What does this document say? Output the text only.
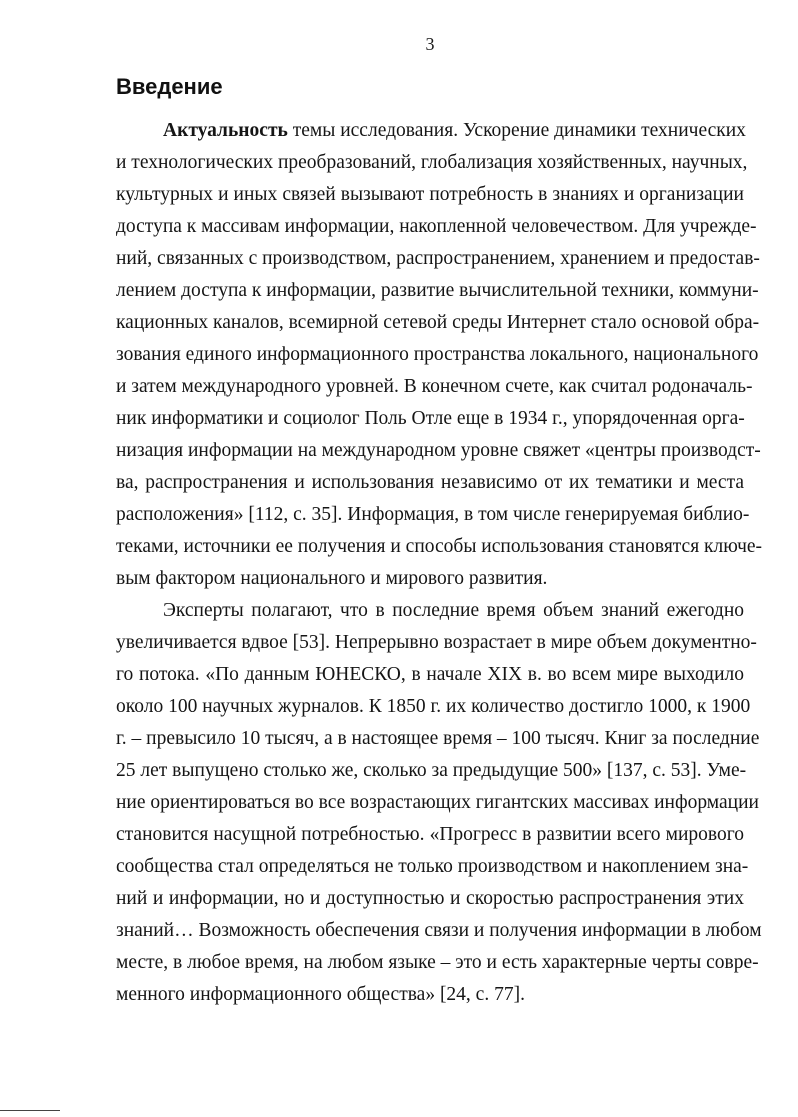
3
Введение

Актуальность темы исследования. Ускорение динамики технических

и технологических преобразований, глобализация хозяйственных, научных,

культурных и иных связей вызывают потребность в знаниях и организации

доступа к массивам информации, накопленной человечеством. Для учрежде-

ний, связанных с производством, распространением, хранением и предостав-

лением доступа к информации, развитие вычислительной техники, коммуни-

кационных каналов, всемирной сетевой среды Интернет стало основой обра-

зования единого информационного пространства локального, национального

и затем международного уровней. В конечном счете, как считал родоначаль-

ник информатики и социолог Поль Отле еще в 1934 г., упорядоченная орга-

низация информации на международном уровне свяжет «центры производст-

ва, распространения и использования независимо от их тематики и места

расположения» [112, с. 35]. Информация, в том числе генерируемая библио-

теками, источники ее получения и способы использования становятся ключе-

вым фактором национального и мирового развития.

Эксперты полагают, что в последние время объем знаний ежегодно

увеличивается вдвое [53]. Непрерывно возрастает в мире объем документно-

го потока. «По данным ЮНЕСКО, в начале XIX в. во всем мире выходило

около 100 научных журналов. К 1850 г. их количество достигло 1000, к 1900

г. – превысило 10 тысяч, а в настоящее время – 100 тысяч. Книг за последние

25 лет выпущено столько же, сколько за предыдущие 500» [137, с. 53]. Уме-

ние ориентироваться во все возрастающих гигантских массивах информации

становится насущной потребностью. «Прогресс в развитии всего мирового

сообщества стал определяться не только производством и накоплением зна-

ний и информации, но и доступностью и скоростью распространения этих

знаний… Возможность обеспечения связи и получения информации в любом

месте, в любое время, на любом языке – это и есть характерные черты совре-

менного информационного общества» [24, с. 77].
